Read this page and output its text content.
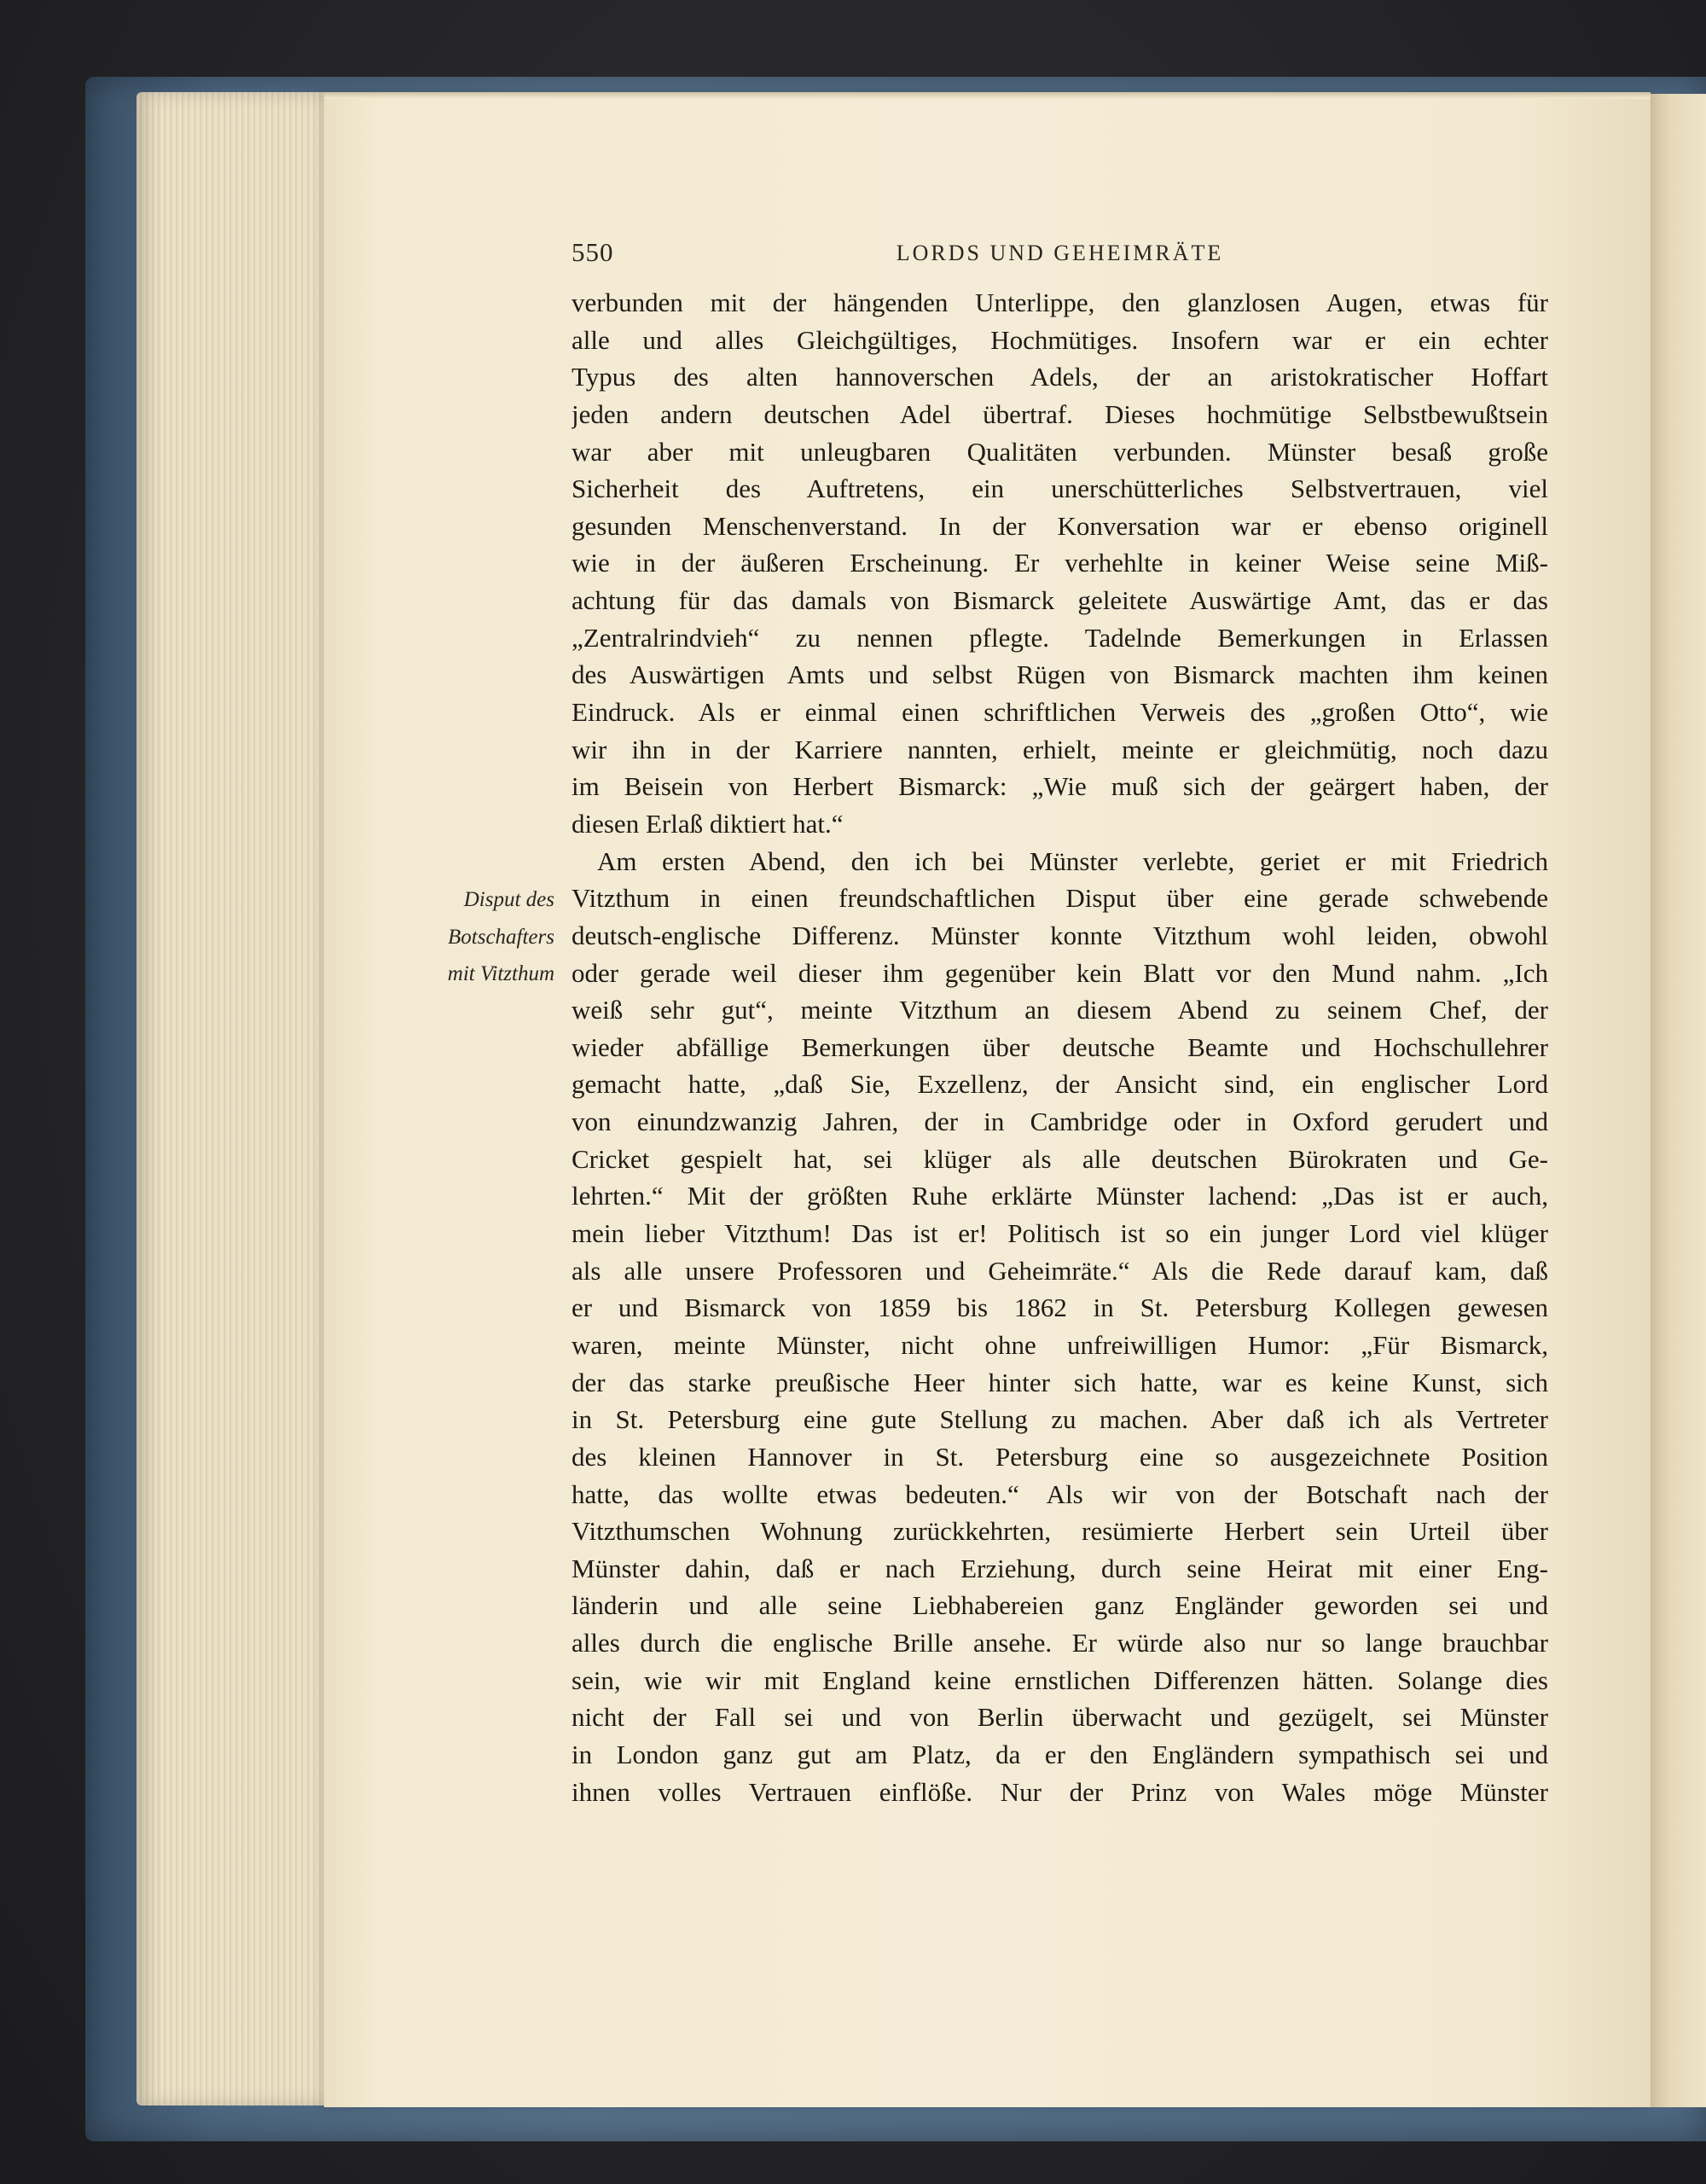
550	LORDS UND GEHEIMRÄTE
Disput des
Botschafters
mit Vitzthum
verbunden mit der hängenden Unterlippe, den glanzlosen Augen, etwas für
alle und alles Gleichgültiges, Hochmütiges. Insofern war er ein echter
Typus des alten hannoverschen Adels, der an aristokratischer Hoffart
jeden andern deutschen Adel übertraf. Dieses hochmütige Selbstbewußtsein
war aber mit unleugbaren Qualitäten verbunden. Münster besaß große
Sicherheit des Auftretens, ein unerschütterliches Selbstvertrauen, viel
gesunden Menschenverstand. In der Konversation war er ebenso originell
wie in der äußeren Erscheinung. Er verhehlte in keiner Weise seine Miß-
achtung für das damals von Bismarck geleitete Auswärtige Amt, das er das
„Zentralrindvieh“ zu nennen pflegte. Tadelnde Bemerkungen in Erlassen
des Auswärtigen Amts und selbst Rügen von Bismarck machten ihm keinen
Eindruck. Als er einmal einen schriftlichen Verweis des „großen Otto“, wie
wir ihn in der Karriere nannten, erhielt, meinte er gleichmütig, noch dazu
im Beisein von Herbert Bismarck: „Wie muß sich der geärgert haben, der
diesen Erlaß diktiert hat.“
Am ersten Abend, den ich bei Münster verlebte, geriet er mit Friedrich
Vitzthum in einen freundschaftlichen Disput über eine gerade schwebende
deutsch-englische Differenz. Münster konnte Vitzthum wohl leiden, obwohl
oder gerade weil dieser ihm gegenüber kein Blatt vor den Mund nahm. „Ich
weiß sehr gut“, meinte Vitzthum an diesem Abend zu seinem Chef, der
wieder abfällige Bemerkungen über deutsche Beamte und Hochschullehrer
gemacht hatte, „daß Sie, Exzellenz, der Ansicht sind, ein englischer Lord
von einundzwanzig Jahren, der in Cambridge oder in Oxford gerudert und
Cricket gespielt hat, sei klüger als alle deutschen Bürokraten und Ge-
lehrten.“ Mit der größten Ruhe erklärte Münster lachend: „Das ist er auch,
mein lieber Vitzthum! Das ist er! Politisch ist so ein junger Lord viel klüger
als alle unsere Professoren und Geheimräte.“ Als die Rede darauf kam, daß
er und Bismarck von 1859 bis 1862 in St. Petersburg Kollegen gewesen
waren, meinte Münster, nicht ohne unfreiwilligen Humor: „Für Bismarck,
der das starke preußische Heer hinter sich hatte, war es keine Kunst, sich
in St. Petersburg eine gute Stellung zu machen. Aber daß ich als Vertreter
des kleinen Hannover in St. Petersburg eine so ausgezeichnete Position
hatte, das wollte etwas bedeuten.“ Als wir von der Botschaft nach der
Vitzthumschen Wohnung zurückkehrten, resümierte Herbert sein Urteil über
Münster dahin, daß er nach Erziehung, durch seine Heirat mit einer Eng-
länderin und alle seine Liebhabereien ganz Engländer geworden sei und
alles durch die englische Brille ansehe. Er würde also nur so lange brauchbar
sein, wie wir mit England keine ernstlichen Differenzen hätten. Solange dies
nicht der Fall sei und von Berlin überwacht und gezügelt, sei Münster
in London ganz gut am Platz, da er den Engländern sympathisch sei und
ihnen volles Vertrauen einflöße. Nur der Prinz von Wales möge Münster
